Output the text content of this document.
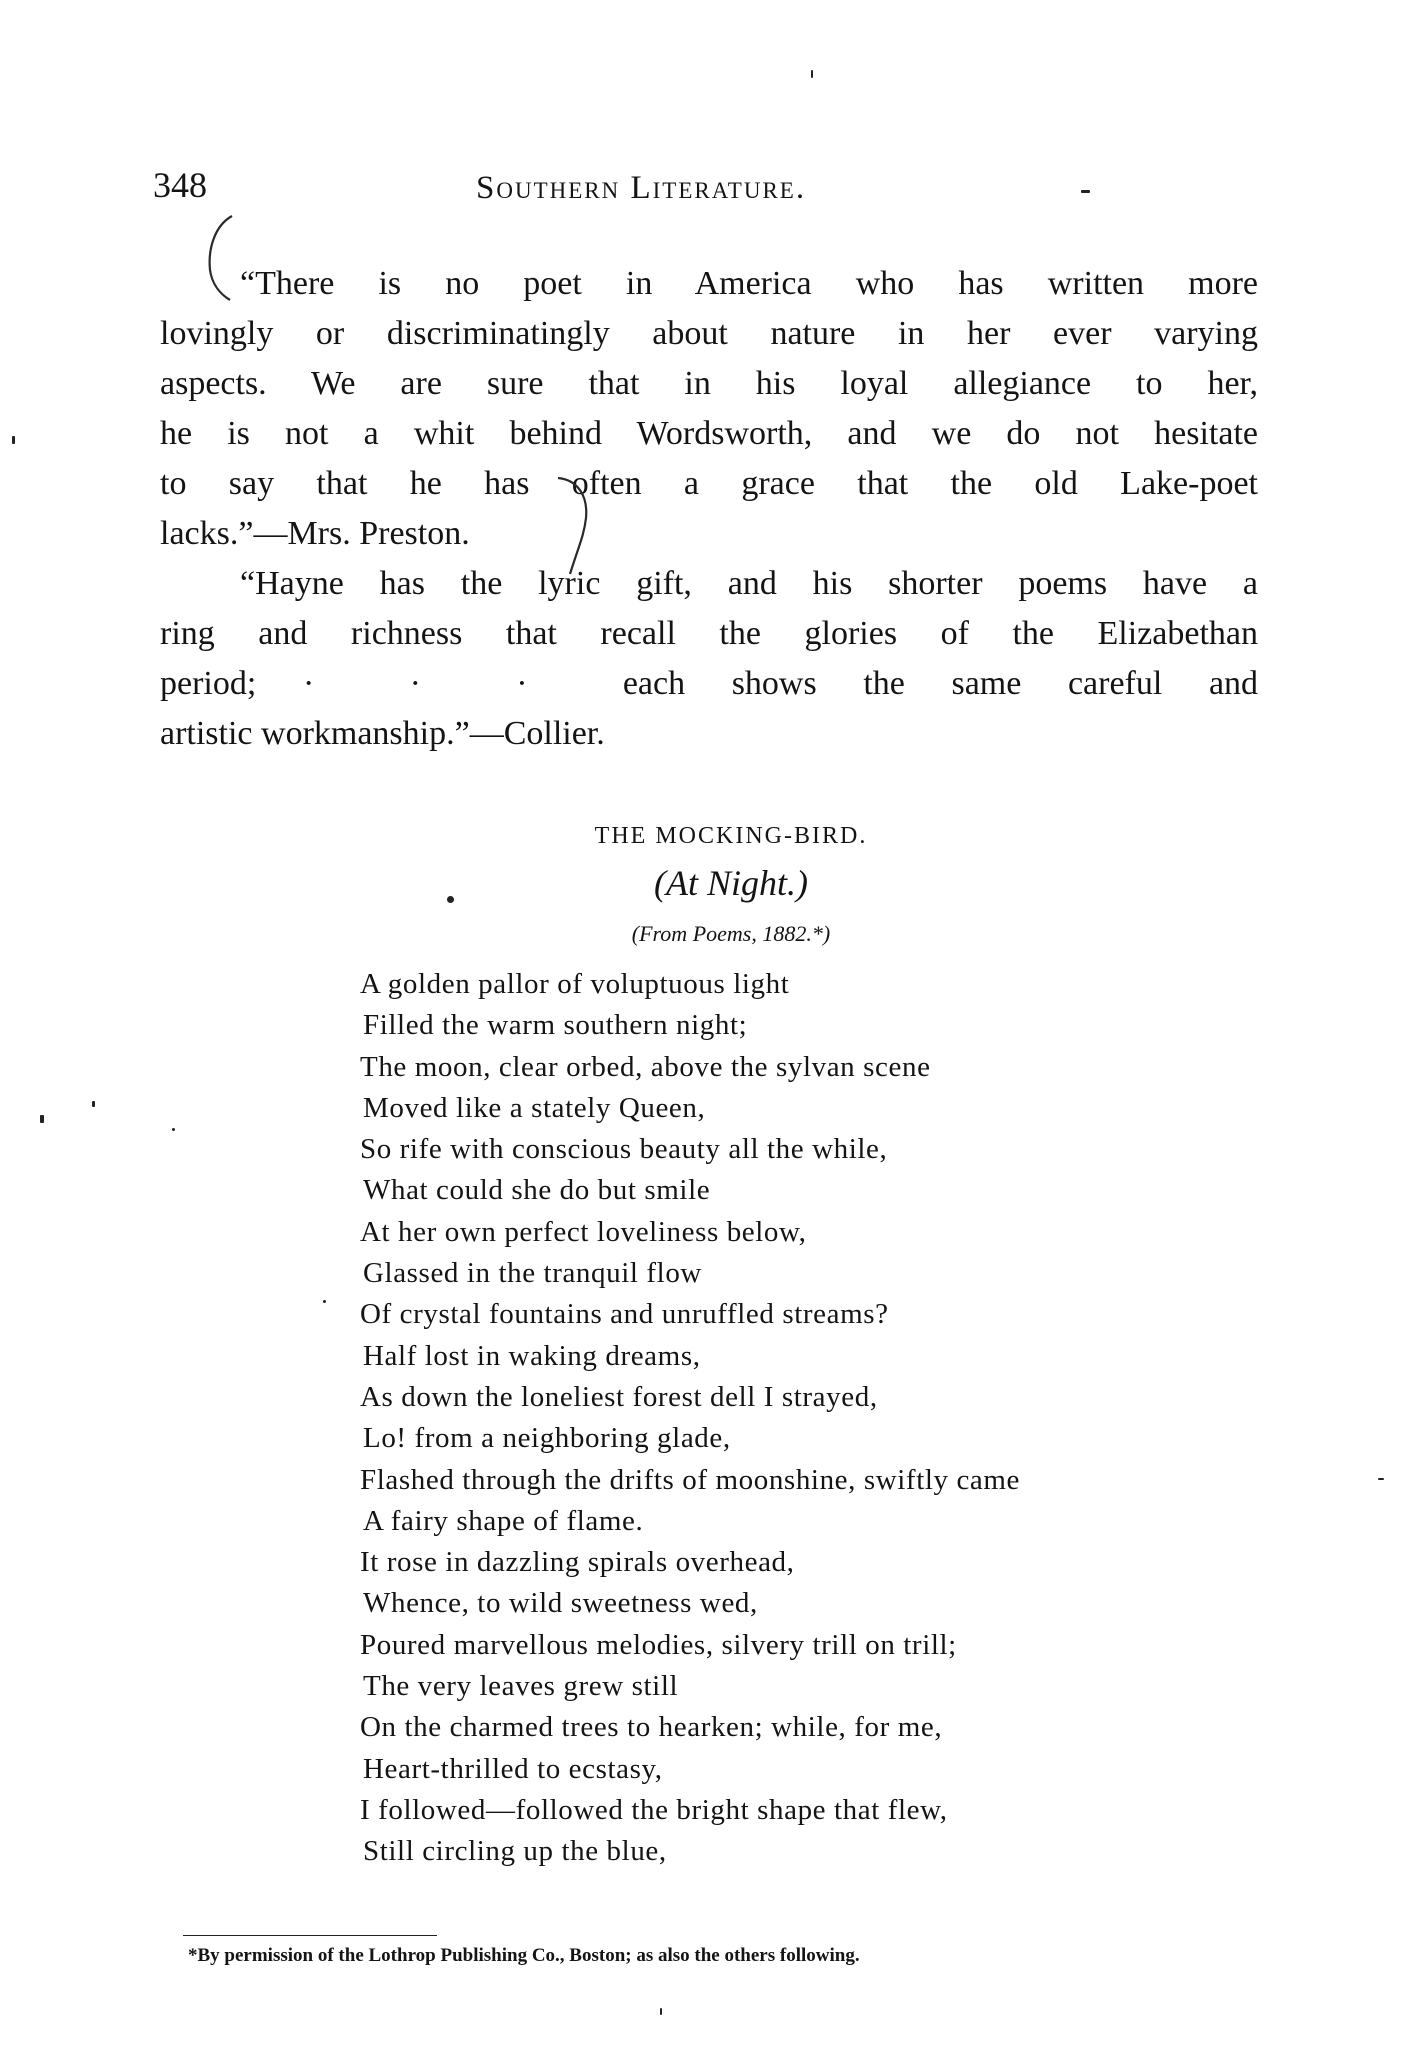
348	Southern Literature.
“There is no poet in America who has written more
lovingly or discriminatingly about nature in her ever varying
aspects. We are sure that in his loyal allegiance to her,
he is not a whit behind Wordsworth, and we do not hesitate
to say that he has often a grace that the old Lake-poet
lacks.”—Mrs. Preston.
“Hayne has the lyric gift, and his shorter poems have a
ring and richness that recall the glories of the Elizabethan
period; ·	·	·	each shows the same careful and
artistic workmanship.”—Collier.
THE MOCKING-BIRD.
(At Night.)
(From Poems, 1882.*)
A golden pallor of voluptuous light
Filled the warm southern night;
The moon, clear orbed, above the sylvan scene
Moved like a stately Queen,
So rife with conscious beauty all the while,
What could she do but smile
At her own perfect loveliness below,
Glassed in the tranquil flow
Of crystal fountains and unruffled streams?
Half lost in waking dreams,
As down the loneliest forest dell I strayed,
Lo! from a neighboring glade,
Flashed through the drifts of moonshine, swiftly came
A fairy shape of flame.
It rose in dazzling spirals overhead,
Whence, to wild sweetness wed,
Poured marvellous melodies, silvery trill on trill;
The very leaves grew still
On the charmed trees to hearken; while, for me,
Heart-thrilled to ecstasy,
I followed—followed the bright shape that flew,
Still circling up the blue,
*By permission of the Lothrop Publishing Co., Boston; as also the others following.
